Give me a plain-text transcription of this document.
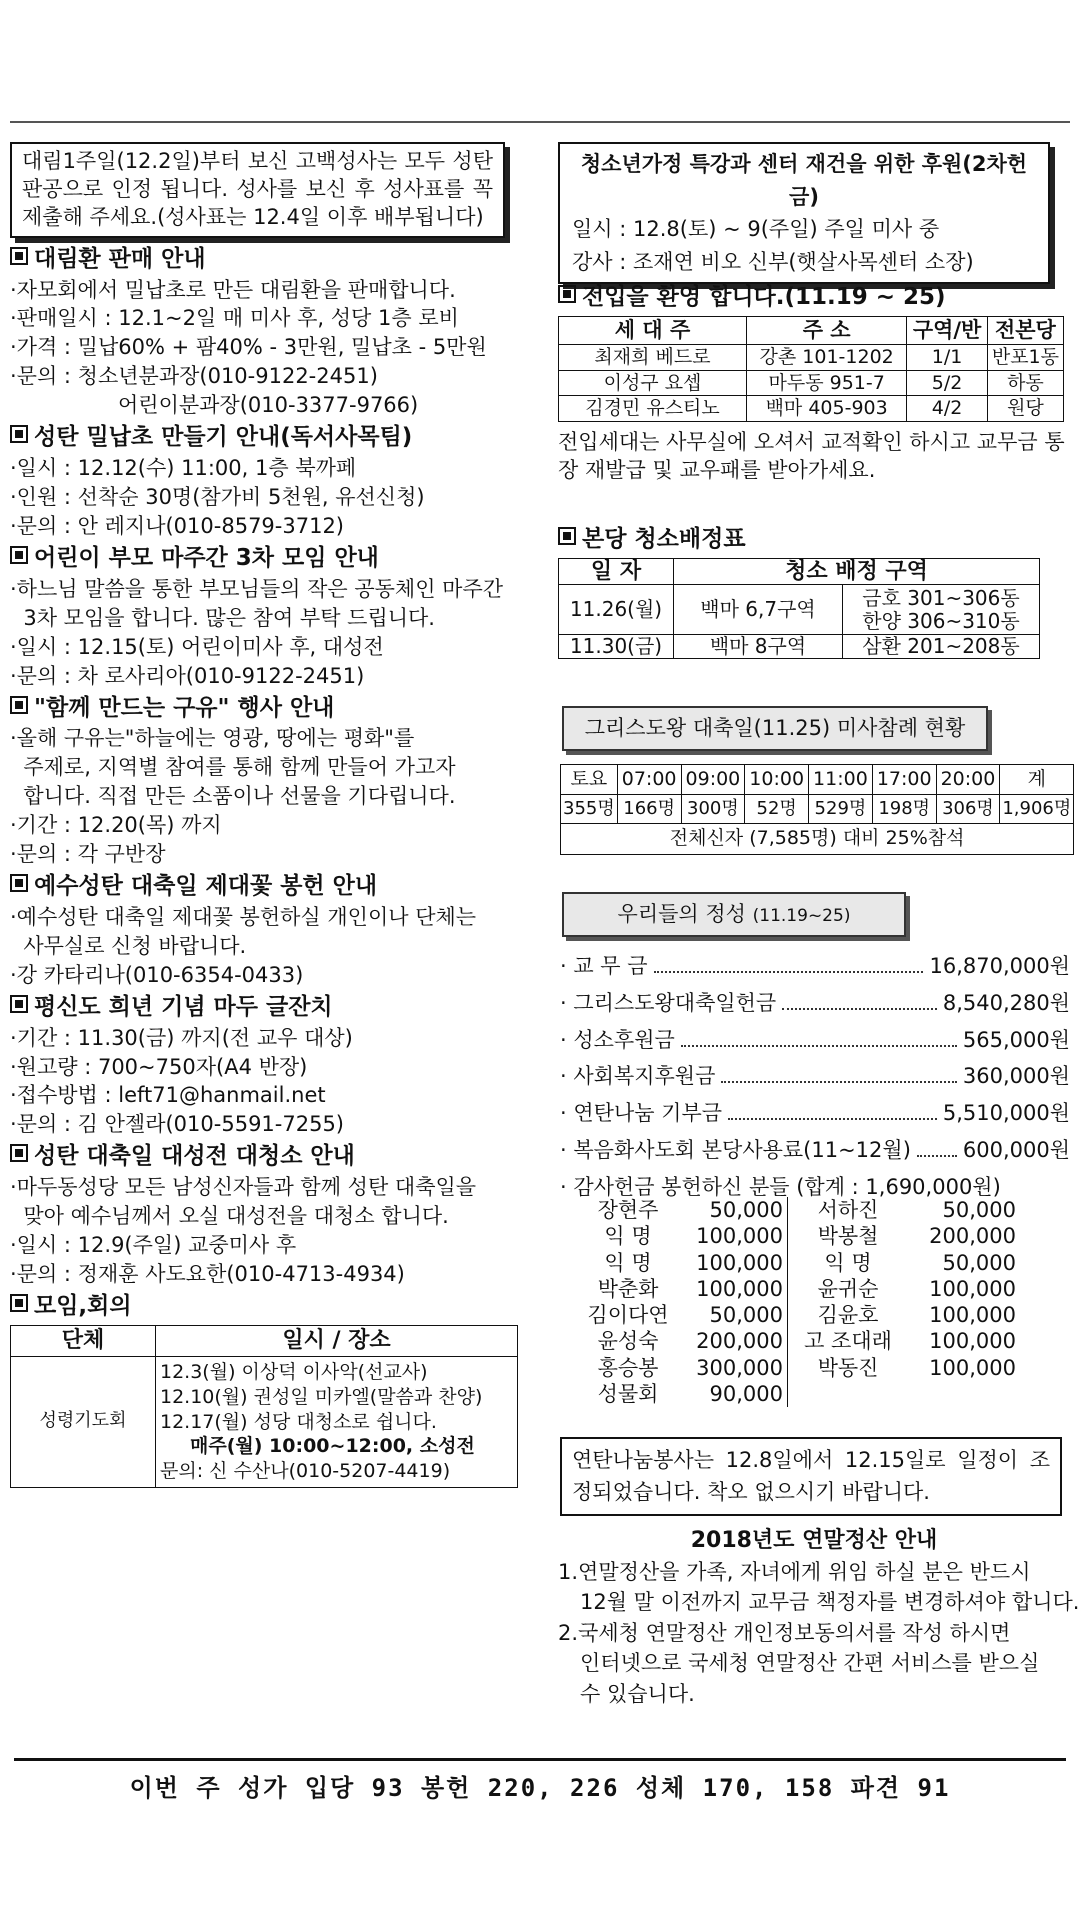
대림1주일(12.2일)부터 보신 고백성사는 모두 성탄판공으로 인정 됩니다. 성사를 보신 후 성사표를 꼭 제출해 주세요.(성사표는 12.4일 이후 배부됩니다)
대림환 판매 안내
·자모회에서 밀납초로 만든 대림환을 판매합니다.
·판매일시 : 12.1~2일 매 미사 후, 성당 1층 로비
·가격 : 밀납60% + 팜40% - 3만원, 밀납초 - 5만원
·문의 : 청소년분과장(010-9122-2451)
어린이분과장(010-3377-9766)
성탄 밀납초 만들기 안내(독서사목팀)
·일시 : 12.12(수) 11:00, 1층 북까페
·인원 : 선착순 30명(참가비 5천원, 유선신청)
·문의 : 안 레지나(010-8579-3712)
어린이 부모 마주간 3차 모임 안내
·하느님 말씀을 통한 부모님들의 작은 공동체인 마주간
3차 모임을 합니다. 많은 참여 부탁 드립니다.
·일시 : 12.15(토) 어린이미사 후, 대성전
·문의 : 차 로사리아(010-9122-2451)
"함께 만드는 구유" 행사 안내
·올해 구유는"하늘에는 영광, 땅에는 평화"를
주제로, 지역별 참여를 통해 함께 만들어 가고자
합니다. 직접 만든 소품이나 선물을 기다립니다.
·기간 : 12.20(목) 까지
·문의 : 각 구반장
예수성탄 대축일 제대꽃 봉헌 안내
·예수성탄 대축일 제대꽃 봉헌하실 개인이나 단체는
사무실로 신청 바랍니다.
·강 카타리나(010-6354-0433)
평신도 희년 기념 마두 글잔치
·기간 : 11.30(금) 까지(전 교우 대상)
·원고량 : 700~750자(A4 반장)
·접수방법 : left71@hanmail.net
·문의 : 김 안젤라(010-5591-7255)
성탄 대축일 대성전 대청소 안내
·마두동성당 모든 남성신자들과 함께 성탄 대축일을
맞아 예수님께서 오실 대성전을 대청소 합니다.
·일시 : 12.9(주일) 교중미사 후
·문의 : 정재훈 사도요한(010-4713-4934)
모임,회의
단체	일시 / 장소
성령기도회	12.3(월) 이상덕 이사악(선교사)
12.10(월) 권성일 미카엘(말씀과 찬양)
12.17(월) 성당 대청소로 쉽니다.
매주(월) 10:00~12:00, 소성전
문의: 신 수산나(010-5207-4419)
청소년가정 특강과 센터 재건을 위한 후원(2차헌금)
일시 : 12.8(토) ~ 9(주일) 주일 미사 중
강사 : 조재연 비오 신부(햇살사목센터 소장)
전입을 환영 합니다.(11.19 ~ 25)
세 대 주	주 소	구역/반	전본당
최재희 베드로	강촌 101-1202	1/1	반포1동
이성구 요셉	마두동 951-7	5/2	하동
김경민 유스티노	백마 405-903	4/2	원당
전입세대는 사무실에 오셔서 교적확인 하시고 교무금 통장 재발급 및 교우패를 받아가세요.
본당 청소배정표
일 자	청소 배정 구역	
11.26(월)	백마 6,7구역	금호 301~306동
한양 306~310동

11.30(금)	백마 8구역	삼환 201~208동
그리스도왕 대축일(11.25) 미사참례 현황
토요	07:00	09:00	10:00	11:00	17:00	20:00	계
355명	166명	300명	52명	529명	198명	306명	1,906명
전체신자 (7,585명) 대비 25%참석							
우리들의 정성 (11.19~25)
· 교 무 금	16,870,000원
· 그리스도왕대축일헌금	8,540,280원
· 성소후원금	565,000원
· 사회복지후원금	360,000원
· 연탄나눔 기부금	5,510,000원
· 복음화사도회 본당사용료(11~12월) 600,000원
· 감사헌금 봉헌하신 분들 (합계 : 1,690,000원)
장현주	50,000	서하진	50,000
익 명	100,000	박봉철	200,000
익 명	100,000	익 명	50,000
박춘화	100,000	윤귀순	100,000
김이다연	50,000	김윤호	100,000
윤성숙	200,000	고 조대래	100,000
홍승봉	300,000	박동진	100,000
성물회	90,000
연탄나눔봉사는 12.8일에서 12.15일로 일정이 조정되었습니다. 착오 없으시기 바랍니다.
2018년도 연말정산 안내
1.연말정산을 가족, 자녀에게 위임 하실 분은 반드시
12월 말 이전까지 교무금 책정자를 변경하셔야 합니다.
2.국세청 연말정산 개인정보동의서를 작성 하시면
인터넷으로 국세청 연말정산 간편 서비스를 받으실
수 있습니다.
이번 주 성가 입당 93 봉헌 220, 226 성체 170, 158 파견 91
